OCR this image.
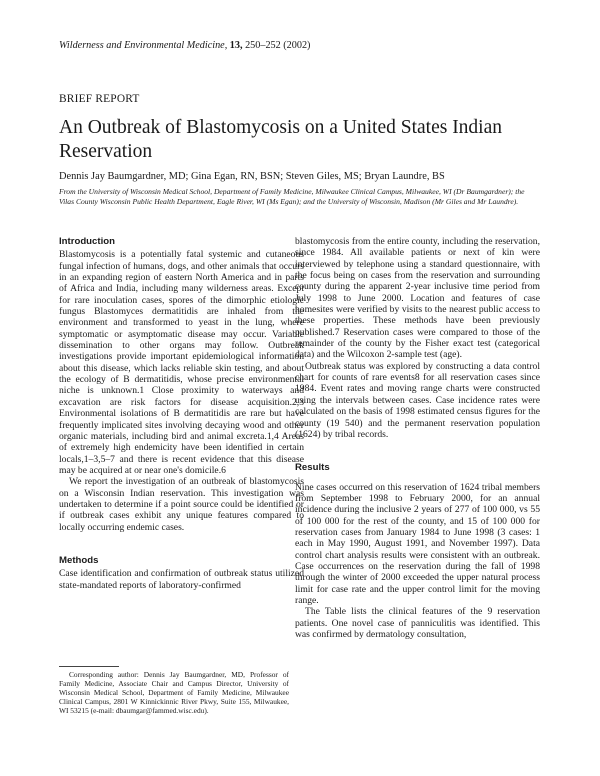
Wilderness and Environmental Medicine, 13, 250–252 (2002)
BRIEF REPORT
An Outbreak of Blastomycosis on a United States Indian Reservation
Dennis Jay Baumgardner, MD; Gina Egan, RN, BSN; Steven Giles, MS; Bryan Laundre, BS
From the University of Wisconsin Medical School, Department of Family Medicine, Milwaukee Clinical Campus, Milwaukee, WI (Dr Baumgardner); the Vilas County Wisconsin Public Health Department, Eagle River, WI (Ms Egan); and the University of Wisconsin, Madison (Mr Giles and Mr Laundre).
Introduction

Blastomycosis is a potentially fatal systemic and cutaneous fungal infection of humans, dogs, and other animals that occurs in an expanding region of eastern North America and in parts of Africa and India, including many wilderness areas. Except for rare inoculation cases, spores of the dimorphic etiologic fungus Blastomyces dermatitidis are inhaled from the environment and transformed to yeast in the lung, where symptomatic or asymptomatic disease may occur. Variable dissemination to other organs may follow. Outbreak investigations provide important epidemiological information about this disease, which lacks reliable skin testing, and about the ecology of B dermatitidis, whose precise environmental niche is unknown.1 Close proximity to waterways and excavation are risk factors for disease acquisition.2,3 Environmental isolations of B dermatitidis are rare but have frequently implicated sites involving decaying wood and other organic materials, including bird and animal excreta.1,4 Areas of extremely high endemicity have been identified in certain locals,1–3,5–7 and there is recent evidence that this disease may be acquired at or near one's domicile.6

We report the investigation of an outbreak of blastomycosis on a Wisconsin Indian reservation. This investigation was undertaken to determine if a point source could be identified or if outbreak cases exhibit any unique features compared to locally occurring endemic cases.

Methods

Case identification and confirmation of outbreak status utilized state-mandated reports of laboratory-confirmed

Corresponding author: Dennis Jay Baumgardner, MD, Professor of Family Medicine, Associate Chair and Campus Director, University of Wisconsin Medical School, Department of Family Medicine, Milwaukee Clinical Campus, 2801 W Kinnickinnic River Pkwy, Suite 155, Milwaukee, WI 53215 (e-mail: dbaumgar@fammed.wisc.edu).

blastomycosis from the entire county, including the reservation, since 1984. All available patients or next of kin were interviewed by telephone using a standard questionnaire, with the focus being on cases from the reservation and surrounding county during the apparent 2-year inclusive time period from July 1998 to June 2000. Location and features of case homesites were verified by visits to the nearest public access to these properties. These methods have been previously published.7 Reservation cases were compared to those of the remainder of the county by the Fisher exact test (categorical data) and the Wilcoxon 2-sample test (age).

Outbreak status was explored by constructing a data control chart for counts of rare events8 for all reservation cases since 1984. Event rates and moving range charts were constructed using the intervals between cases. Case incidence rates were calculated on the basis of 1998 estimated census figures for the county (19 540) and the permanent reservation population (1624) by tribal records.

Results

Nine cases occurred on this reservation of 1624 tribal members from September 1998 to February 2000, for an annual incidence during the inclusive 2 years of 277 of 100 000, vs 55 of 100 000 for the rest of the county, and 15 of 100 000 for reservation cases from January 1984 to June 1998 (3 cases: 1 each in May 1990, August 1991, and November 1997). Data control chart analysis results were consistent with an outbreak. Case occurrences on the reservation during the fall of 1998 through the winter of 2000 exceeded the upper natural process limit for case rate and the upper control limit for the moving range.

The Table lists the clinical features of the 9 reservation patients. One novel case of panniculitis was identified. This was confirmed by dermatology consultation,
